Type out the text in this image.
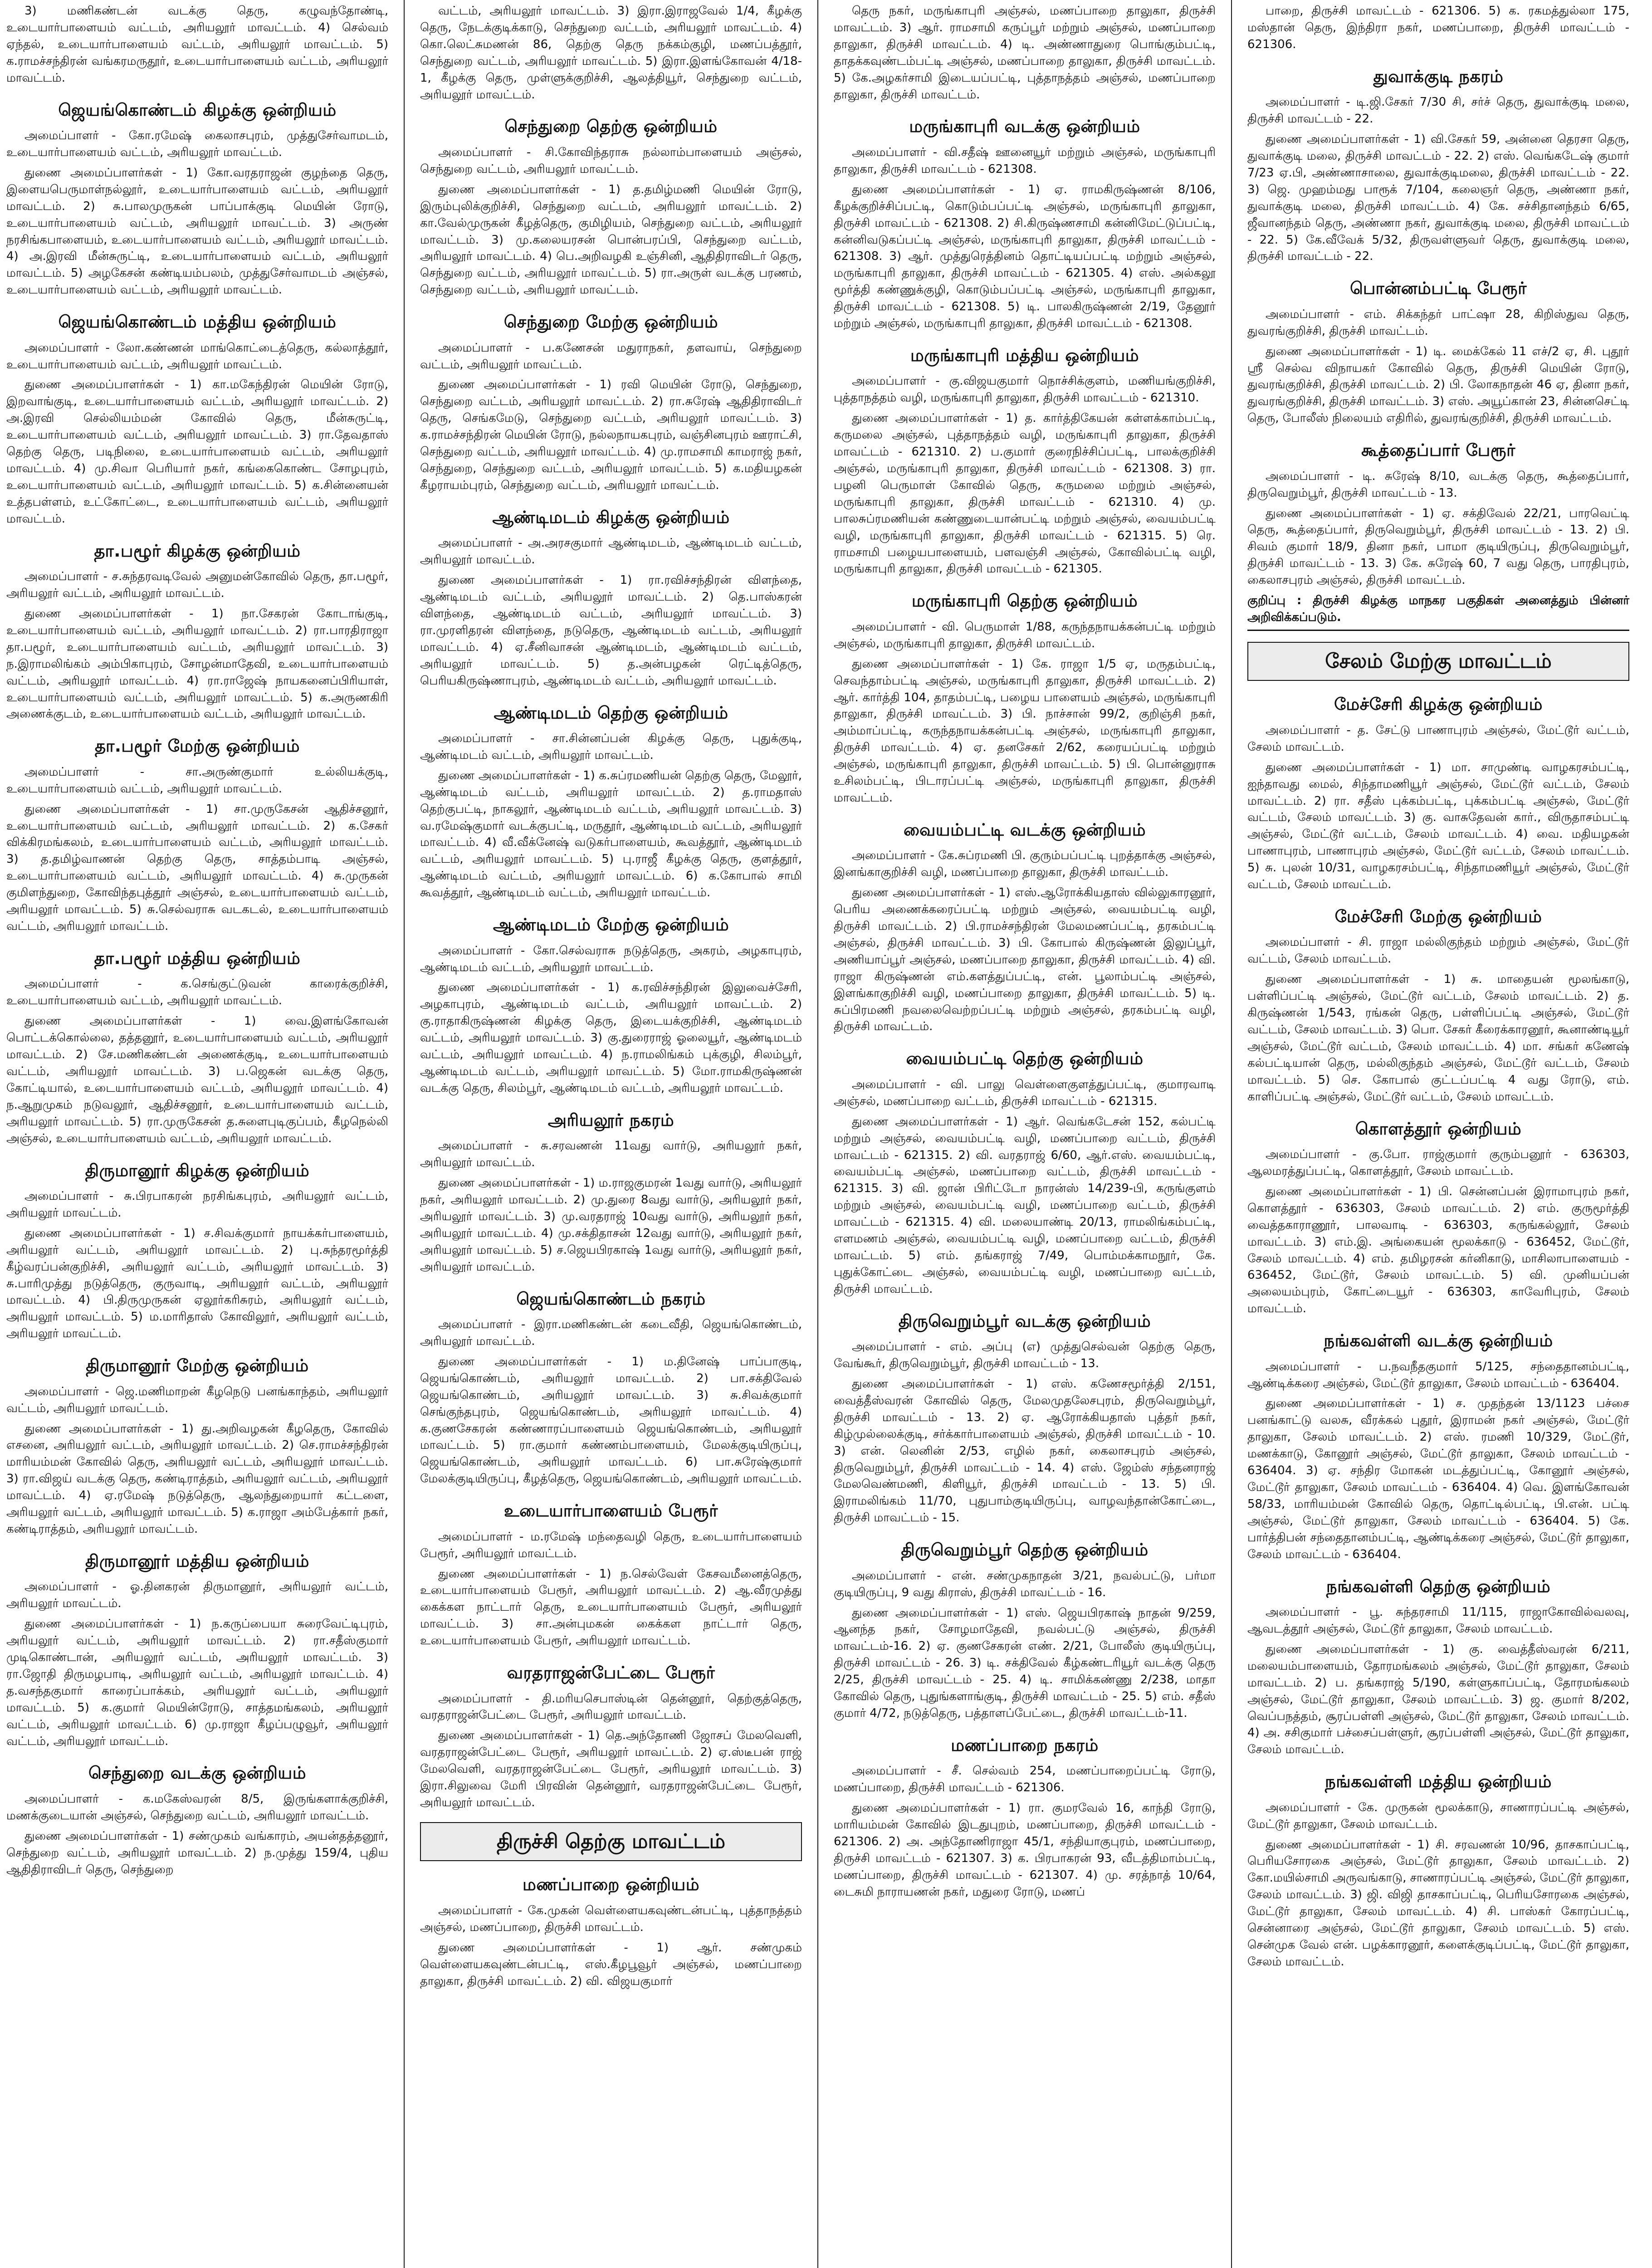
3) மணிகண்டன் வடக்கு தெரு, கழுவந்தோண்டி, உடையார்பாளையம் வட்டம், அரியலூர் மாவட்டம். 4) செல்வம் ஏந்தல், உடையார்பாளையம் வட்டம், அரியலூர் மாவட்டம். 5) க.ராமச்சந்திரன் வங்கரமருதூர், உடையார்பாளையம் வட்டம், அரியலூர் மாவட்டம்.
ஜெயங்கொண்டம் கிழக்கு ஒன்றியம்
அமைப்பாளர் - கோ.ரமேஷ் கைலாசபுரம், முத்துசேர்வாமடம், உடையார்பாளையம் வட்டம், அரியலூர் மாவட்டம்.
துணை அமைப்பாளர்கள் - 1) கோ.வரதராஜன் குழந்தை தெரு, இளையபெருமாள்நல்லூர், உடையார்பாளையம் வட்டம், அரியலூர் மாவட்டம். 2) சு.பாலமுருகன் பாப்பாக்குடி மெயின் ரோடு, உடையார்பாளையம் வட்டம், அரியலூர் மாவட்டம். 3) அருண் நரசிங்கபாளையம், உடையார்பாளையம் வட்டம், அரியலூர் மாவட்டம். 4) அ.இரவி மீன்சுருட்டி, உடையார்பாளையம் வட்டம், அரியலூர் மாவட்டம். 5) அழகேசன் கண்டியம்பலம், முத்துசேர்வாமடம் அஞ்சல், உடையார்பாளையம் வட்டம், அரியலூர் மாவட்டம்.
ஜெயங்கொண்டம் மத்திய ஒன்றியம்
அமைப்பாளர் - லோ.கண்ணன் மாங்கொட்டைத்தெரு, கல்லாத்தூர், உடையார்பாளையம் வட்டம், அரியலூர் மாவட்டம்.
துணை அமைப்பாளர்கள் - 1) கா.மகேந்திரன் மெயின் ரோடு, இறவாங்குடி, உடையார்பாளையம் வட்டம், அரியலூர் மாவட்டம். 2) அ.இரவி செல்லியம்மன் கோவில் தெரு, மீன்சுருட்டி, உடையார்பாளையம் வட்டம், அரியலூர் மாவட்டம். 3) ரா.தேவதாஸ் தெற்கு தெரு, படிநிலை, உடையார்பாளையம் வட்டம், அரியலூர் மாவட்டம். 4) மு.சிவா பெரியார் நகர், கங்கைகொண்ட சோழபுரம், உடையார்பாளையம் வட்டம், அரியலூர் மாவட்டம். 5) க.சின்னையன் உத்தபள்ளம், உட்கோட்டை, உடையார்பாளையம் வட்டம், அரியலூர் மாவட்டம்.
தா.பழூர் கிழக்கு ஒன்றியம்
அமைப்பாளர் - ச.சுந்தரவடிவேல் அனுமன்கோவில் தெரு, தா.பழூர், அரியலூர் வட்டம், அரியலூர் மாவட்டம்.
துணை அமைப்பாளர்கள் - 1) நா.சேகரன் கோடாங்குடி, உடையார்பாளையம் வட்டம், அரியலூர் மாவட்டம். 2) ரா.பாரதிராஜா தா.பழூர், உடையார்பாளையம் வட்டம், அரியலூர் மாவட்டம். 3) ந.இராமலிங்கம் அம்பிகாபுரம், சோழன்மாதேவி, உடையார்பாளையம் வட்டம், அரியலூர் மாவட்டம். 4) ரா.ராஜேஷ் நாயகனைப்பிரியாள், உடையார்பாளையம் வட்டம், அரியலூர் மாவட்டம். 5) க.அருணகிரி அணைக்குடம், உடையார்பாளையம் வட்டம், அரியலூர் மாவட்டம்.
தா.பழூர் மேற்கு ஒன்றியம்
அமைப்பாளர் - சா.அருண்குமார் உல்லியக்குடி, உடையார்பாளையம் வட்டம், அரியலூர் மாவட்டம்.
துணை அமைப்பாளர்கள் - 1) சா.முருகேசன் ஆதிச்சனூர், உடையார்பாளையம் வட்டம், அரியலூர் மாவட்டம். 2) க.சேகர் விக்கிரமங்கலம், உடையார்பாளையம் வட்டம், அரியலூர் மாவட்டம். 3) த.தமிழ்வாணன் தெற்கு தெரு, சாத்தம்பாடி அஞ்சல், உடையார்பாளையம் வட்டம், அரியலூர் மாவட்டம். 4) சு.முருகன் குமிளந்துறை, கோவிந்தபுத்தூர் அஞ்சல், உடையார்பாளையம் வட்டம், அரியலூர் மாவட்டம். 5) சு.செல்வராசு வடகடல், உடையார்பாளையம் வட்டம், அரியலூர் மாவட்டம்.
தா.பழூர் மத்திய ஒன்றியம்
அமைப்பாளர் - க.செங்குட்டுவன் காரைக்குறிச்சி, உடையார்பாளையம் வட்டம், அரியலூர் மாவட்டம்.
துணை அமைப்பாளர்கள் - 1) வை.இளங்கோவன் பொட்டக்கொல்லை, தத்தனூர், உடையார்பாளையம் வட்டம், அரியலூர் மாவட்டம். 2) சே.மணிகண்டன் அணைக்குடி, உடையார்பாளையம் வட்டம், அரியலூர் மாவட்டம். 3) ப.ஜெகன் வடக்கு தெரு, கோட்டியால், உடையார்பாளையம் வட்டம், அரியலூர் மாவட்டம். 4) ந.ஆறுமுகம் நடுவலூர், ஆதிச்சனூர், உடையார்பாளையம் வட்டம், அரியலூர் மாவட்டம். 5) ரா.முருகேசன் த.சுளைபுடிகுப்பம், கீழநெல்லி அஞ்சல், உடையார்பாளையம் வட்டம், அரியலூர் மாவட்டம்.
திருமானூர் கிழக்கு ஒன்றியம்
அமைப்பாளர் - சு.பிரபாகரன் நரசிங்கபுரம், அரியலூர் வட்டம், அரியலூர் மாவட்டம்.
துணை அமைப்பாளர்கள் - 1) ச.சிவக்குமார் நாயக்கர்பாளையம், அரியலூர் வட்டம், அரியலூர் மாவட்டம். 2) பு.சுந்தரமூர்த்தி கீழ்வரப்பன்குறிச்சி, அரியலூர் வட்டம், அரியலூர் மாவட்டம். 3) சு.பாரிமுத்து நடுத்தெரு, குருவாடி, அரியலூர் வட்டம், அரியலூர் மாவட்டம். 4) பி.திருமுருகன் ஏலூர்கரிசுரம், அரியலூர் வட்டம், அரியலூர் மாவட்டம். 5) ம.மாரிதாஸ் கோவிலூர், அரியலூர் வட்டம், அரியலூர் மாவட்டம்.
திருமானூர் மேற்கு ஒன்றியம்
அமைப்பாளர் - ஜெ.மணிமாறன் கீழநெடு பனங்காந்தம், அரியலூர் வட்டம், அரியலூர் மாவட்டம்.
துணை அமைப்பாளர்கள் - 1) து.அறிவழகன் கீழதெரு, கோவில் எசனை, அரியலூர் வட்டம், அரியலூர் மாவட்டம். 2) செ.ராமச்சந்திரன் மாரியம்மன் கோவில் தெரு, அரியலூர் வட்டம், அரியலூர் மாவட்டம். 3) ரா.விஜய் வடக்கு தெரு, கண்டிராத்தம், அரியலூர் வட்டம், அரியலூர் மாவட்டம். 4) ஏ.ரமேஷ் நடுத்தெரு, ஆலந்துறையார் கட்டளை, அரியலூர் வட்டம், அரியலூர் மாவட்டம். 5) க.ராஜா அம்பேத்கார் நகர், கண்டிராத்தம், அரியலூர் மாவட்டம்.
திருமானூர் மத்திய ஒன்றியம்
அமைப்பாளர் - ஓ.தினகரன் திருமானூர், அரியலூர் வட்டம், அரியலூர் மாவட்டம்.
துணை அமைப்பாளர்கள் - 1) ந.கருப்பையா சுரைவேட்டிபுரம், அரியலூர் வட்டம், அரியலூர் மாவட்டம். 2) ரா.சதீஸ்குமார் முடிகொண்டான், அரியலூர் வட்டம், அரியலூர் மாவட்டம். 3) ரா.ஜோதி திருமழபாடி, அரியலூர் வட்டம், அரியலூர் மாவட்டம். 4) த.வசந்தகுமார் காரைப்பாக்கம், அரியலூர் வட்டம், அரியலூர் மாவட்டம். 5) க.குமார் மெயின்ரோடு, சாத்தமங்கலம், அரியலூர் வட்டம், அரியலூர் மாவட்டம். 6) மு.ராஜா கீழப்பழுவூர், அரியலூர் வட்டம், அரியலூர் மாவட்டம்.
செந்துறை வடக்கு ஒன்றியம்
அமைப்பாளர் - க.மகேஸ்வரன் 8/5, இருங்களாக்குறிச்சி, மணக்குடையான் அஞ்சல், செந்துறை வட்டம், அரியலூர் மாவட்டம்.
துணை அமைப்பாளர்கள் - 1) சண்முகம் வங்காரம், அயன்தத்தனூர், செந்துறை வட்டம், அரியலூர் மாவட்டம். 2) ந.முத்து 159/4, புதிய ஆதிதிராவிடர் தெரு, செந்துறை
வட்டம், அரியலூர் மாவட்டம். 3) இரா.இராஜவேல் 1/4, கீழக்கு தெரு, நேடக்குடிக்காடு, செந்துறை வட்டம், அரியலூர் மாவட்டம். 4) கொ.லெட்சுமணன் 86, தெற்கு தெரு நக்கம்குழி, மணப்பத்தூர், செந்துறை வட்டம், அரியலூர் மாவட்டம். 5) இரா.இளங்கோவன் 4/18-1, கீழக்கு தெரு, முள்ளுக்குறிச்சி, ஆலத்தியூர், செந்துறை வட்டம், அரியலூர் மாவட்டம்.
செந்துறை தெற்கு ஒன்றியம்
அமைப்பாளர் - சி.கோவிந்தராசு நல்லாம்பாளையம் அஞ்சல், செந்துறை வட்டம், அரியலூர் மாவட்டம்.
துணை அமைப்பாளர்கள் - 1) த.தமிழ்மணி மெயின் ரோடு, இரும்புலிக்குறிச்சி, செந்துறை வட்டம், அரியலூர் மாவட்டம். 2) கா.வேல்முருகன் கீழத்தெரு, குமிழியம், செந்துறை வட்டம், அரியலூர் மாவட்டம். 3) மு.கலையரசன் பொன்பரப்பி, செந்துறை வட்டம், அரியலூர் மாவட்டம். 4) பெ.அறிவழகி உஞ்சினி, ஆதிதிராவிடர் தெரு, செந்துறை வட்டம், அரியலூர் மாவட்டம். 5) ரா.அருள் வடக்கு பரணம், செந்துறை வட்டம், அரியலூர் மாவட்டம்.
செந்துறை மேற்கு ஒன்றியம்
அமைப்பாளர் - ப.கணேசன் மதுராநகர், தளவாய், செந்துறை வட்டம், அரியலூர் மாவட்டம்.
துணை அமைப்பாளர்கள் - 1) ரவி மெயின் ரோடு, செந்துறை, செந்துறை வட்டம், அரியலூர் மாவட்டம். 2) ரா.சுரேஷ் ஆதிதிராவிடர் தெரு, செங்கமேடு, செந்துறை வட்டம், அரியலூர் மாவட்டம். 3) க.ராமச்சந்திரன் மெயின் ரோடு, நல்லநாயகபுரம், வஞ்சினபுரம் ஊராட்சி, செந்துறை வட்டம், அரியலூர் மாவட்டம். 4) மு.ராமசாமி காமராஜ் நகர், செந்துறை, செந்துறை வட்டம், அரியலூர் மாவட்டம். 5) க.மதியழகன் கீழராயம்புரம், செந்துறை வட்டம், அரியலூர் மாவட்டம்.
ஆண்டிமடம் கிழக்கு ஒன்றியம்
அமைப்பாளர் - அ.அரசகுமார் ஆண்டிமடம், ஆண்டிமடம் வட்டம், அரியலூர் மாவட்டம்.
துணை அமைப்பாளர்கள் - 1) ரா.ரவிச்சந்திரன் விளந்தை, ஆண்டிமடம் வட்டம், அரியலூர் மாவட்டம். 2) தெ.பாஸ்கரன் விளந்தை, ஆண்டிமடம் வட்டம், அரியலூர் மாவட்டம். 3) ரா.முரளிதரன் விளந்தை, நடுதெரு, ஆண்டிமடம் வட்டம், அரியலூர் மாவட்டம். 4) ஏ.சீனிவாசன் ஆண்டிமடம், ஆண்டிமடம் வட்டம், அரியலூர் மாவட்டம். 5) த.அன்பழகன் ரெட்டித்தெரு, பெரியகிருஷ்ணாபுரம், ஆண்டிமடம் வட்டம், அரியலூர் மாவட்டம்.
ஆண்டிமடம் தெற்கு ஒன்றியம்
அமைப்பாளர் - சா.சின்னப்பன் கிழக்கு தெரு, புதுக்குடி, ஆண்டிமடம் வட்டம், அரியலூர் மாவட்டம்.
துணை அமைப்பாளர்கள் - 1) க.சுப்ரமணியன் தெற்கு தெரு, மேலூர், ஆண்டிமடம் வட்டம், அரியலூர் மாவட்டம். 2) த.ராமதாஸ் தெற்குபட்டி, நாகலூர், ஆண்டிமடம் வட்டம், அரியலூர் மாவட்டம். 3) வ.ரமேஷ்குமார் வடக்குபட்டி, மருதூர், ஆண்டிமடம் வட்டம், அரியலூர் மாவட்டம். 4) வீ.வீக்னேஷ் வடுகர்பாளையம், கூவத்தூர், ஆண்டிமடம் வட்டம், அரியலூர் மாவட்டம். 5) பு.ராஜீ கீழக்கு தெரு, குளத்தூர், ஆண்டிமடம் வட்டம், அரியலூர் மாவட்டம். 6) க.கோபால் சாமி கூவத்தூர், ஆண்டிமடம் வட்டம், அரியலூர் மாவட்டம்.
ஆண்டிமடம் மேற்கு ஒன்றியம்
அமைப்பாளர் - கோ.செல்வராசு நடுத்தெரு, அகரம், அழகாபுரம், ஆண்டிமடம் வட்டம், அரியலூர் மாவட்டம்.
துணை அமைப்பாளர்கள் - 1) க.ரவிச்சந்திரன் இலுவைச்சேரி, அழகாபுரம், ஆண்டிமடம் வட்டம், அரியலூர் மாவட்டம். 2) கு.ராதாகிருஷ்ணன் கிழக்கு தெரு, இடையக்குறிச்சி, ஆண்டிமடம் வட்டம், அரியலூர் மாவட்டம். 3) கு.துரைராஜ் ஓலையூர், ஆண்டிமடம் வட்டம், அரியலூர் மாவட்டம். 4) ந.ராமலிங்கம் புக்குழி, சிலம்பூர், ஆண்டிமடம் வட்டம், அரியலூர் மாவட்டம். 5) மோ.ராமகிருஷ்ணன் வடக்கு தெரு, சிலம்பூர், ஆண்டிமடம் வட்டம், அரியலூர் மாவட்டம்.
அரியலூர் நகரம்
அமைப்பாளர் - சு.சரவணன் 11வது வார்டு, அரியலூர் நகர், அரியலூர் மாவட்டம்.
துணை அமைப்பாளர்கள் - 1) ம.ராஜகுமரன் 1வது வார்டு, அரியலூர் நகர், அரியலூர் மாவட்டம். 2) மு.துரை 8வது வார்டு, அரியலூர் நகர், அரியலூர் மாவட்டம். 3) மு.வரதராஜ் 10வது வார்டு, அரியலூர் நகர், அரியலூர் மாவட்டம். 4) மு.சக்திதாசன் 12வது வார்டு, அரியலூர் நகர், அரியலூர் மாவட்டம். 5) ச.ஜெயபிரகாஷ் 1வது வார்டு, அரியலூர் நகர், அரியலூர் மாவட்டம்.
ஜெயங்கொண்டம் நகரம்
அமைப்பாளர் - இரா.மணிகண்டன் கடைவீதி, ஜெயங்கொண்டம், அரியலூர் மாவட்டம்.
துணை அமைப்பாளர்கள் - 1) ம.தினேஷ் பாப்பாகுடி, ஜெயங்கொண்டம், அரியலூர் மாவட்டம். 2) பா.சக்திவேல் ஜெயங்கொண்டம், அரியலூர் மாவட்டம். 3) சு.சிவக்குமார் செங்குந்தபுரம், ஜெயங்கொண்டம், அரியலூர் மாவட்டம். 4) க.குணசேகரன் கண்ணாரப்பாளையம் ஜெயங்கொண்டம், அரியலூர் மாவட்டம். 5) ரா.குமார் கண்ணம்பாளையம், மேலக்குடியிருப்பு, ஜெயங்கொண்டம், அரியலூர் மாவட்டம். 6) பா.சுரேஷ்குமார் மேலக்குடியிருப்பு, கீழத்தெரு, ஜெயங்கொண்டம், அரியலூர் மாவட்டம்.
உடையார்பாளையம் பேரூர்
அமைப்பாளர் - ம.ரமேஷ் மந்தைவழி தெரு, உடையார்பாளையம் பேரூர், அரியலூர் மாவட்டம்.
துணை அமைப்பாளர்கள் - 1) ந.செல்வேள் கேசவமீனைத்தெரு, உடையார்பாளையம் பேரூர், அரியலூர் மாவட்டம். 2) ஆ.வீரமுத்து கைக்கள நாட்டார் தெரு, உடையார்பாளையம் பேரூர், அரியலூர் மாவட்டம். 3) சா.அன்புமகன் கைக்கள நாட்டார் தெரு, உடையார்பாளையம் பேரூர், அரியலூர் மாவட்டம்.
வரதராஜன்பேட்டை பேரூர்
அமைப்பாளர் - தி.மரியசெபாஸ்டின் தென்னூர், தெற்குத்தெரு, வரதராஜன்பேட்டை பேரூர், அரியலூர் மாவட்டம்.
துணை அமைப்பாளர்கள் - 1) தெ.அந்தோணி ஜோசப் மேலவெளி, வரதராஜன்பேட்டை பேரூர், அரியலூர் மாவட்டம். 2) ஏ.ஸ்டீபன் ராஜ் மேலவெளி, வரதராஜன்பேட்டை பேரூர், அரியலூர் மாவட்டம். 3) இரா.சிலுவை மேரி பிரவின் தென்னூர், வரதராஜன்பேட்டை பேரூர், அரியலூர் மாவட்டம்.
திருச்சி தெற்கு மாவட்டம்
மணப்பாறை ஒன்றியம்
அமைப்பாளர் - கே.முகன் வெள்ளையகவுண்டன்பட்டி, புத்தாநத்தம் அஞ்சல், மணப்பாறை, திருச்சி மாவட்டம்.
துணை அமைப்பாளர்கள் - 1) ஆர். சண்முகம் வெள்ளையகவுண்டன்பட்டி, எஸ்.கீழபூவூர் அஞ்சல், மணப்பாறை தாலுகா, திருச்சி மாவட்டம். 2) வி. விஜயகுமார்
தெரு நகர், மருங்காபுரி அஞ்சல், மணப்பாறை தாலுகா, திருச்சி மாவட்டம். 3) ஆர். ராமசாமி கருப்பூர் மற்றும் அஞ்சல், மணப்பாறை தாலுகா, திருச்சி மாவட்டம். 4) டி. அண்ணாதுரை பொங்கும்பட்டி, தாதக்கவுண்டம்பட்டி அஞ்சல், மணப்பாறை தாலுகா, திருச்சி மாவட்டம். 5) கே.அழகர்சாமி இடையப்பட்டி, புத்தாநத்தம் அஞ்சல், மணப்பாறை தாலுகா, திருச்சி மாவட்டம்.
மருங்காபுரி வடக்கு ஒன்றியம்
அமைப்பாளர் - வி.சதீஷ் ஊனையூர் மற்றும் அஞ்சல், மருங்காபுரி தாலுகா, திருச்சி மாவட்டம் - 621308.
துணை அமைப்பாளர்கள் - 1) ஏ. ராமகிருஷ்ணன் 8/106, கீழக்குறிச்சிப்பட்டி, கொடும்பப்பட்டி அஞ்சல், மருங்காபுரி தாலுகா, திருச்சி மாவட்டம் - 621308. 2) சி.கிருஷ்ணசாமி கன்னிமேட்டுப்பட்டி, கன்னிவடுகப்பட்டி அஞ்சல், மருங்காபுரி தாலுகா, திருச்சி மாவட்டம் - 621308. 3) ஆர். முத்துரெத்தினம் தொட்டியப்பட்டி மற்றும் அஞ்சல், மருங்காபுரி தாலுகா, திருச்சி மாவட்டம் - 621305. 4) எஸ். அல்கலூ மூர்த்தி கண்ணுக்குழி, கொடும்பப்பட்டி அஞ்சல், மருங்காபுரி தாலுகா, திருச்சி மாவட்டம் - 621308. 5) டி. பாலகிருஷ்ணன் 2/19, தேனூர் மற்றும் அஞ்சல், மருங்காபுரி தாலுகா, திருச்சி மாவட்டம் - 621308.
மருங்காபுரி மத்திய ஒன்றியம்
அமைப்பாளர் - கு.விஜயகுமார் நொச்சிக்குளம், மணியங்குறிச்சி, புத்தாநத்தம் வழி, மருங்காபுரி தாலுகா, திருச்சி மாவட்டம் - 621310.
துணை அமைப்பாளர்கள் - 1) த. கார்த்திகேயன் கள்ளக்காம்பட்டி, கருமலை அஞ்சல், புத்தாநத்தம் வழி, மருங்காபுரி தாலுகா, திருச்சி மாவட்டம் - 621310. 2) ப.குமார் குரைநிச்சிப்பட்டி, பாலக்குறிச்சி அஞ்சல், மருங்காபுரி தாலுகா, திருச்சி மாவட்டம் - 621308. 3) ரா. பழனி பெருமாள் கோவில் தெரு, கருமலை மற்றும் அஞ்சல், மருங்காபுரி தாலுகா, திருச்சி மாவட்டம் - 621310. 4) மு. பாலசுப்ரமணியன் கண்ணுடையான்பட்டி மற்றும் அஞ்சல், வையம்பட்டி வழி, மருங்காபுரி தாலுகா, திருச்சி மாவட்டம் - 621315. 5) ரெ. ராமசாமி பழையபாளையம், பளவஞ்சி அஞ்சல், கோவில்பட்டி வழி, மருங்காபுரி தாலுகா, திருச்சி மாவட்டம் - 621305.
மருங்காபுரி தெற்கு ஒன்றியம்
அமைப்பாளர் - வி. பெருமாள் 1/88, கருந்தநாயக்கன்பட்டி மற்றும் அஞ்சல், மருங்காபுரி தாலுகா, திருச்சி மாவட்டம்.
துணை அமைப்பாளர்கள் - 1) கே. ராஜா 1/5 ஏ, மருதம்பட்டி, செவந்தாம்பட்டி அஞ்சல், மருங்காபுரி தாலுகா, திருச்சி மாவட்டம். 2) ஆர். கார்த்தி 104, தாதம்பட்டி, பழைய பாளையம் அஞ்சல், மருங்காபுரி தாலுகா, திருச்சி மாவட்டம். 3) பி. நாச்சான் 99/2, குறிஞ்சி நகர், அம்மாப்பட்டி, கருந்தநாயக்கன்பட்டி அஞ்சல், மருங்காபுரி தாலுகா, திருச்சி மாவட்டம். 4) ஏ. தனசேகர் 2/62, கரையப்பட்டி மற்றும் அஞ்சல், மருங்காபுரி தாலுகா, திருச்சி மாவட்டம். 5) பி. பொன்னுராசு உசிலம்பட்டி, பிடாரப்பட்டி அஞ்சல், மருங்காபுரி தாலுகா, திருச்சி மாவட்டம்.
வையம்பட்டி வடக்கு ஒன்றியம்
அமைப்பாளர் - கே.சுப்ரமணி பி. குரும்பப்பட்டி புறத்தாக்கு அஞ்சல், இனங்காகுறிச்சி வழி, மணப்பாறை தாலுகா, திருச்சி மாவட்டம்.
துணை அமைப்பாளர்கள் - 1) எஸ்.ஆரோக்கியதாஸ் வில்லுகாரனூர், பெரிய அணைக்கரைப்பட்டி மற்றும் அஞ்சல், வையம்பட்டி வழி, திருச்சி மாவட்டம். 2) பி.ராமச்சந்திரன் மேலமணப்பட்டி, தரகம்பட்டி அஞ்சல், திருச்சி மாவட்டம். 3) பி. கோபால் கிருஷ்ணன் இலுப்பூர், அணியாப்பூர் அஞ்சல், மணப்பாறை தாலுகா, திருச்சி மாவட்டம். 4) வி. ராஜா கிருஷ்ணன் எம்.களத்துப்பட்டி, என். பூலாம்பட்டி அஞ்சல், இளங்காகுறிச்சி வழி, மணப்பாறை தாலுகா, திருச்சி மாவட்டம். 5) டி. சுப்பிரமணி நவலைவெற்றப்பட்டி மற்றும் அஞ்சல், தரகம்பட்டி வழி, திருச்சி மாவட்டம்.
வையம்பட்டி தெற்கு ஒன்றியம்
அமைப்பாளர் - வி. பாலு வெள்ளைகுளத்துப்பட்டி, குமாரவாடி அஞ்சல், மணப்பாறை வட்டம், திருச்சி மாவட்டம் - 621315.
துணை அமைப்பாளர்கள் - 1) ஆர். வெங்கடேசன் 152, கல்பட்டி மற்றும் அஞ்சல், வையம்பட்டி வழி, மணப்பாறை வட்டம், திருச்சி மாவட்டம் - 621315. 2) வி. வரதராஜ் 6/60, ஆர்.எஸ். வையம்பட்டி, வையம்பட்டி அஞ்சல், மணப்பாறை வட்டம், திருச்சி மாவட்டம் - 621315. 3) வி. ஜான் பிரிட்டோ நாரன்ஸ் 14/239-பி, கருங்குளம் மற்றும் அஞ்சல், வையம்பட்டி வழி, மணப்பாறை வட்டம், திருச்சி மாவட்டம் - 621315. 4) வி. மலையாண்டி 20/13, ராமலிங்கம்பட்டி, எளமணம் அஞ்சல், வையம்பட்டி வழி, மணப்பாறை வட்டம், திருச்சி மாவட்டம். 5) எம். தங்கராஜ் 7/49, பொம்மக்காமநூர், கே. புதுக்கோட்டை அஞ்சல், வையம்பட்டி வழி, மணப்பாறை வட்டம், திருச்சி மாவட்டம்.
திருவெறும்பூர் வடக்கு ஒன்றியம்
அமைப்பாளர் - எம். அப்பு (எ) முத்துசெல்வன் தெற்கு தெரு, வேங்கூர், திருவெறும்பூர், திருச்சி மாவட்டம் - 13.
துணை அமைப்பாளர்கள் - 1) எஸ். கணேசமூர்த்தி 2/151, வைத்தீஸ்வரன் கோவில் தெரு, மேலமுதலேசபுரம், திருவெறும்பூர், திருச்சி மாவட்டம் - 13. 2) ஏ. ஆரோக்கியதாஸ் புத்தர் நகர், கிழ்முல்லைக்குடி, சர்க்கார்பாளையம் அஞ்சல், திருச்சி மாவட்டம் - 10. 3) என். லெனின் 2/53, எழில் நகர், கைலாசபுரம் அஞ்சல், திருவெறும்பூர், திருச்சி மாவட்டம் - 14. 4) எஸ். ஜேம்ஸ் சந்தனராஜ் மேலவெண்மணி, கிளியூர், திருச்சி மாவட்டம் - 13. 5) பி. இராமலிங்கம் 11/70, புதுபாம்குடியிருப்பு, வாழவந்தான்கோட்டை, திருச்சி மாவட்டம் - 15.
திருவெறும்பூர் தெற்கு ஒன்றியம்
அமைப்பாளர் - என். சண்முகநாதன் 3/21, நவல்பட்டு, பர்மா குடியிருப்பு, 9 வது கிராஸ், திருச்சி மாவட்டம் - 16.
துணை அமைப்பாளர்கள் - 1) எஸ். ஜெயபிரகாஷ் நாதன் 9/259, ஆனந்த நகர், சோழமாதேவி, நவல்பட்டு அஞ்சல், திருச்சி மாவட்டம்-16. 2) ஏ. குணசேகரன் எண். 2/21, போலீஸ் குடியிருப்பு, திருச்சி மாவட்டம் - 26. 3) டி. சக்திவேல் கீழ்கண்டரியூர் வடக்கு தெரு 2/25, திருச்சி மாவட்டம் - 25. 4) டி. சாமிக்கண்ணு 2/238, மாதா கோவில் தெரு, புதுங்களாங்குடி, திருச்சி மாவட்டம் - 25. 5) எம். சதீஸ் குமார் 4/72, நடுத்தெரு, பத்தாளப்பேட்டை, திருச்சி மாவட்டம்-11.
மணப்பாறை நகரம்
அமைப்பாளர் - சீ. செல்வம் 254, மணப்பாறைப்பட்டி ரோடு, மணப்பாறை, திருச்சி மாவட்டம் - 621306.
துணை அமைப்பாளர்கள் - 1) ரா. குமரவேல் 16, காந்தி ரோடு, மாரியம்மன் கோவில் இடதுபுறம், மணப்பாறை, திருச்சி மாவட்டம் - 621306. 2) அ. அந்தோணிராஜா 45/1, சந்தியாகுபுரம், மணப்பாறை, திருச்சி மாவட்டம் - 621307. 3) க. பிரபாகரன் 93, வீடத்திமாம்பட்டி, மணப்பாறை, திருச்சி மாவட்டம் - 621307. 4) மு. சரத்நாத் 10/64, டைசுமி நாராயணன் நகர், மதுரை ரோடு, மணப்
பாறை, திருச்சி மாவட்டம் - 621306. 5) க. ரகமத்துல்லா 175, மஸ்தான் தெரு, இந்திரா நகர், மணப்பாறை, திருச்சி மாவட்டம் - 621306.
துவாக்குடி நகரம்
அமைப்பாளர் - டி.ஜி.சேகர் 7/30 சி, சர்ச் தெரு, துவாக்குடி மலை, திருச்சி மாவட்டம் - 22.
துணை அமைப்பாளர்கள் - 1) வி.சேகர் 59, அன்னை தெரசா தெரு, துவாக்குடி மலை, திருச்சி மாவட்டம் - 22. 2) எஸ். வெங்கடேஷ் குமார் 7/23 ஏ.பி, அண்ணாசாலை, துவாக்குடிமலை, திருச்சி மாவட்டம் - 22. 3) ஜெ. முஹம்மது பாரூக் 7/104, கலைஞர் தெரு, அண்ணா நகர், துவாக்குடி மலை, திருச்சி மாவட்டம். 4) கே. சச்சிதானந்தம் 6/65, ஜீவானந்தம் தெரு, அண்ணா நகர், துவாக்குடி மலை, திருச்சி மாவட்டம் - 22. 5) கே.வீவேக் 5/32, திருவள்ளுவர் தெரு, துவாக்குடி மலை, திருச்சி மாவட்டம் - 22.
பொன்னம்பட்டி பேரூர்
அமைப்பாளர் - எம். சிக்கந்தர் பாட்ஷா 28, கிறிஸ்துவ தெரு, துவரங்குறிச்சி, திருச்சி மாவட்டம்.
துணை அமைப்பாளர்கள் - 1) டி. மைக்கேல் 11 எச்/2 ஏ, சி. புதூர் ஸ்ரீ செல்வ விநாயகர் கோவில் தெரு, திருச்சி மெயின் ரோடு, துவரங்குறிச்சி, திருச்சி மாவட்டம். 2) பி. லோகநாதன் 46 ஏ, தினா நகர், துவரங்குறிச்சி, திருச்சி மாவட்டம். 3) எஸ். அயூப்கான் 23, சின்னசெட்டி தெரு, போலீஸ் நிலையம் எதிரில், துவரங்குறிச்சி, திருச்சி மாவட்டம்.
கூத்தைப்பார் பேரூர்
அமைப்பாளர் - டி. சுரேஷ் 8/10, வடக்கு தெரு, கூத்தைப்பார், திருவெறும்பூர், திருச்சி மாவட்டம் - 13.
துணை அமைப்பாளர்கள் - 1) ஏ. சக்திவேல் 22/21, பாரவெட்டி தெரு, கூத்தைப்பார், திருவெறும்பூர், திருச்சி மாவட்டம் - 13. 2) பி. சிவம் குமார் 18/9, தினா நகர், பாமா குடியிருப்பு, திருவெறும்பூர், திருச்சி மாவட்டம் - 13. 3) கே. சுரேஷ் 60, 7 வது தெரு, பாரதிபுரம், கைலாசபுரம் அஞ்சல், திருச்சி மாவட்டம்.
குறிப்பு : திருச்சி கிழக்கு மாநகர பகுதிகள் அனைத்தும் பின்னர் அறிவிக்கப்படும்.
சேலம் மேற்கு மாவட்டம்
மேச்சேரி கிழக்கு ஒன்றியம்
அமைப்பாளர் - த. சேட்டு பாணாபுரம் அஞ்சல், மேட்டூர் வட்டம், சேலம் மாவட்டம்.
துணை அமைப்பாளர்கள் - 1) மா. சாமுண்டி வாழகரசம்பட்டி, ஐந்தாவது மைல், சிந்தாமணியூர் அஞ்சல், மேட்டூர் வட்டம், சேலம் மாவட்டம். 2) ரா. சதீஸ் புக்கம்பட்டி, புக்கம்பட்டி அஞ்சல், மேட்டூர் வட்டம், சேலம் மாவட்டம். 3) கு. வாசுதேவன் கார்., விருதாசம்பட்டி அஞ்சல், மேட்டூர் வட்டம், சேலம் மாவட்டம். 4) வை. மதியழகன் பாணாபுரம், பாணாபுரம் அஞ்சல், மேட்டூர் வட்டம், சேலம் மாவட்டம். 5) சு. புலன் 10/31, வாழகரசம்பட்டி, சிந்தாமணியூர் அஞ்சல், மேட்டூர் வட்டம், சேலம் மாவட்டம்.
மேச்சேரி மேற்கு ஒன்றியம்
அமைப்பாளர் - சி. ராஜா மல்லிகுந்தம் மற்றும் அஞ்சல், மேட்டூர் வட்டம், சேலம் மாவட்டம்.
துணை அமைப்பாளர்கள் - 1) சு. மாதையன் மூலங்காடு, பள்ளிப்பட்டி அஞ்சல், மேட்டூர் வட்டம், சேலம் மாவட்டம். 2) த. கிருஷ்ணன் 1/543, ரங்கன் தெரு, பள்ளிப்பட்டி அஞ்சல், மேட்டூர் வட்டம், சேலம் மாவட்டம். 3) பொ. சேகர் கீரைக்காரனூர், கூனாண்டியூர் அஞ்சல், மேட்டூர் வட்டம், சேலம் மாவட்டம். 4) மா. சங்கர் கணேஷ் கல்பட்டியான் தெரு, மல்லிகுந்தம் அஞ்சல், மேட்டூர் வட்டம், சேலம் மாவட்டம். 5) செ. கோபால் குட்டப்பட்டி 4 வது ரோடு, எம். காளிப்பட்டி அஞ்சல், மேட்டூர் வட்டம், சேலம் மாவட்டம்.
கொளத்தூர் ஒன்றியம்
அமைப்பாளர் - கு.போ. ராஜ்குமார் குரும்பனூர் - 636303, ஆலமரத்துப்பட்டி, கொளத்தூர், சேலம் மாவட்டம்.
துணை அமைப்பாளர்கள் - 1) பி. சென்னப்பன் இராமாபுரம் நகர், கொளத்தூர் - 636303, சேலம் மாவட்டம். 2) எம். குருமூர்த்தி வைத்தகாராணூர், பாலவாடி - 636303, கருங்கல்லூர், சேலம் மாவட்டம். 3) எம்.இ. அங்கையன் மூலக்காடு - 636452, மேட்டூர், சேலம் மாவட்டம். 4) எம். தமிழரசன் கர்னிகாடு, மாசிலாபாளையம் - 636452, மேட்டூர், சேலம் மாவட்டம். 5) வி. முனியப்பன் அலையம்புரம், கோட்டையூர் - 636303, காவேரிபுரம், சேலம் மாவட்டம்.
நங்கவள்ளி வடக்கு ஒன்றியம்
அமைப்பாளர் - ப.நவநீதகுமார் 5/125, சந்தைதானம்பட்டி, ஆண்டிக்கரை அஞ்சல், மேட்டூர் தாலுகா, சேலம் மாவட்டம் - 636404.
துணை அமைப்பாளர்கள் - 1) ச. முதந்தன் 13/1123 பச்சை பனங்காட்டு வலசு, வீரக்கல் புதூர், இராமன் நகர் அஞ்சல், மேட்டூர் தாலுகா, சேலம் மாவட்டம். 2) எஸ். ரமணி 10/329, மேட்டூர், மணக்காடு, கோனூர் அஞ்சல், மேட்டூர் தாலுகா, சேலம் மாவட்டம் - 636404. 3) ஏ. சந்திர மோகன் மடத்துப்பட்டி, கோனூர் அஞ்சல், மேட்டூர் தாலுகா, சேலம் மாவட்டம் - 636404. 4) வெ. இளங்கோவன் 58/33, மாரியம்மன் கோவில் தெரு, தொட்டில்பட்டி, பி.என். பட்டி அஞ்சல், மேட்டூர் தாலுகா, சேலம் மாவட்டம் - 636404. 5) கே. பார்த்திபன் சந்தைதானம்பட்டி, ஆண்டிக்கரை அஞ்சல், மேட்டூர் தாலுகா, சேலம் மாவட்டம் - 636404.
நங்கவள்ளி தெற்கு ஒன்றியம்
அமைப்பாளர் - பூ. சுந்தரசாமி 11/115, ராஜாகோவில்வலவு, ஆவடத்தூர் அஞ்சல், மேட்டூர் தாலுகா, சேலம் மாவட்டம்.
துணை அமைப்பாளர்கள் - 1) கு. வைத்தீஸ்வரன் 6/211, மலையம்பாளையம், தோரமங்கலம் அஞ்சல், மேட்டூர் தாலுகா, சேலம் மாவட்டம். 2) ப. தங்கராஜ் 5/190, கள்ளுகாப்பட்டி, தோரமங்கலம் அஞ்சல், மேட்டூர் தாலுகா, சேலம் மாவட்டம். 3) ஜ. குமார் 8/202, வெப்பநத்தம், சூரப்பள்ளி அஞ்சல், மேட்டூர் தாலுகா, சேலம் மாவட்டம். 4) அ. சசிகுமார் பச்சைப்பள்ளுர், சூரப்பள்ளி அஞ்சல், மேட்டூர் தாலுகா, சேலம் மாவட்டம்.
நங்கவள்ளி மத்திய ஒன்றியம்
அமைப்பாளர் - கே. முருகன் மூலக்காடு, சாணாரப்பட்டி அஞ்சல், மேட்டூர் தாலுகா, சேலம் மாவட்டம்.
துணை அமைப்பாளர்கள் - 1) சி. சரவணன் 10/96, தாசகாப்பட்டி, பெரியசோரகை அஞ்சல், மேட்டூர் தாலுகா, சேலம் மாவட்டம். 2) கோ.மயில்சாமி அருவங்காடு, சாணாரப்பட்டி அஞ்சல், மேட்டூர் தாலுகா, சேலம் மாவட்டம். 3) ஜி. விஜி தாசகாப்பட்டி, பெரியசோரகை அஞ்சல், மேட்டூர் தாலுகா, சேலம் மாவட்டம். 4) சி. பாஸ்கர் கோரப்பட்டி, சென்னாரை அஞ்சல், மேட்டூர் தாலுகா, சேலம் மாவட்டம். 5) எஸ். சென்முக வேல் என். பழக்காரனூர், களைக்குடிப்பட்டி, மேட்டூர் தாலுகா, சேலம் மாவட்டம்.
